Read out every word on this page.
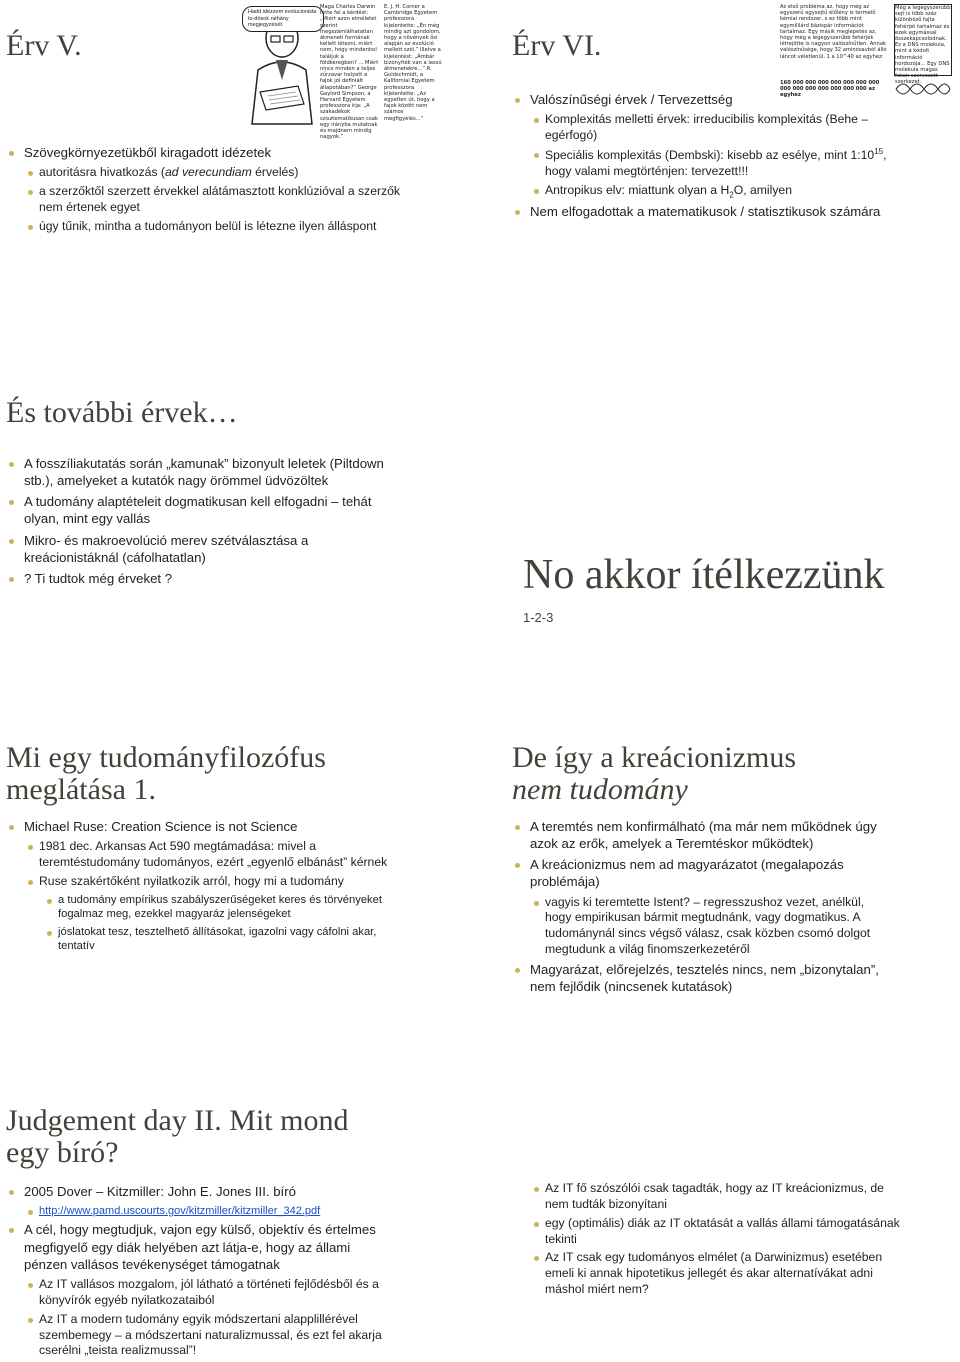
Érv V.
Hadd idézzem evolucionista tu-dósok néhány megjegyzését.
Maga Charles Darwin tette fel a kérdést: „Miért azon elméletet szerint megszámlálhatatlan átmeneti formának kellett létezni, miért nem, hogy mindenhol találjuk a földkéregben? ... Miért nincs minden a teljes zűrzavar helyett a fajok jól definiált állapotában?” George Gaylord Simpson, a Harvard Egyetem professzora írja: „A szakadékok szisztematikusan csak egy irányba mutatnak és majdnem mindig nagyok.”
E. J. H. Corner a Cambridge Egyetem professzora kijelentette: „Én még mindig azt gondolom, hogy a növények ősi alapján az evolúció mellett szól.” Illetve a kijelentést: „Ámbár bizonyíték van a lassú átmenetekre...” R. Goldschmidt, a Kaliforniai Egyetem professzora kijelentette: „Az egyetlen út, hogy a fajok között nem számos megfigyelés...”
Szövegkörnyezetükből kiragadott idézetek
autoritásra hivatkozás (ad verecundiam érvelés)
a szerzőktől szerzett érvekkel alátámasztott konklúzióval a szerzők nem értenek egyet
úgy tűnik, mintha a tudományon belül is létezne ilyen álláspont
Érv VI.
Az első probléma az, hogy még az egyszerű egysejtű élőlény is termelő kémiai rendszer, s ez több mint egymilliárd bázispár információt tartalmaz. Egy másik meglepetés az, hogy még a legegyszerűbb fehérjék létrejötte is nagyon valószínűtlen. Annak valószínűsége, hogy 32 aminosavból álló láncot véletlenül, 1 a 10^40 az egyhez:
160 000 000 000 000 000 000 000 000 000 000 000 000 000 000 az egyhez
Még a legegyszerűbb sejt is több száz különböző fajta fehérjét tartalmaz és ezek egymással összekapcsolódnak. Ez a DNS molekula, mint a kódolt információ hordozója... Egy DNS molekula magas fokon szervezett szerkezet.
Valószínűségi érvek / Tervezettség
Komplexitás melletti érvek: irreducibilis komplexitás (Behe – egérfogó)
Speciális komplexitás (Dembski): kisebb az esélye, mint $1:10^{15}$, hogy valami megtörténjen: tervezett!!!
Antropikus elv: miattunk olyan a $H_2O$, amilyen
Nem elfogadottak a matematikusok / statisztikusok számára
És további érvek…
A fosszíliakutatás során „kamunak” bizonyult leletek (Piltdown stb.), amelyeket a kutatók nagy örömmel üdvözöltek
A tudomány alaptételeit dogmatikusan kell elfogadni – tehát olyan, mint egy vallás
Mikro- és makroevolúció merev szétválasztása a kreácionistáknál (cáfolhatatlan)
? Ti tudtok még érveket ?	No akkor ítélkezzünk
1-2-3
Mi egy tudományfilozófus meglátása 1.
Michael Ruse: Creation Science is not Science
1981 dec. Arkansas Act 590 megtámadása: mivel a teremtéstudomány tudományos, ezért „egyenlő elbánást” kérnek
Ruse szakértőként nyilatkozik arról, hogy mi a tudomány
a tudomány empírikus szabályszerűségeket keres és törvényeket fogalmaz meg, ezekkel magyaráz jelenségeket
jóslatokat tesz, tesztelhető állításokat, igazolni vagy cáfolni akar, tentatív
De így a kreácionizmus
nem tudomány
A teremtés nem konfirmálható (ma már nem működnek úgy azok az erők, amelyek a Teremtéskor működtek)
A kreácionizmus nem ad magyarázatot (megalapozás problémája)
vagyis ki teremtette Istent? – regresszushoz vezet, anélkül, hogy empirikusan bármit megtudnánk, vagy dogmatikus. A tudománynál sincs végső válasz, csak közben csomó dolgot megtudunk a világ finomszerkezetéről
Magyarázat, előrejelzés, tesztelés nincs, nem „bizonytalan”, nem fejlődik (nincsenek kutatások)
Judgement day II. Mit mond egy bíró?
2005 Dover – Kitzmiller: John E. Jones III. bíró
http://www.pamd.uscourts.gov/kitzmiller/kitzmiller_342.pdf
A cél, hogy megtudjuk, vajon egy külső, objektív és értelmes megfigyelő egy diák helyében azt látja-e, hogy az állami pénzen vallásos tevékenységet támogatnak
Az IT vallásos mozgalom, jól látható a történeti fejlődésből és a könyvírók egyéb nyilatkozataiból
Az IT a modern tudomány egyik módszertani alapplillérével szembemegy – a módszertani naturalizmussal, és ezt fel akarja cserélni „teista realizmussal”!
Az IT fő szószólói csak tagadták, hogy az IT kreácionizmus, de nem tudták bizonyítani
egy (optimális) diák az IT oktatását a vallás állami támogatásának tekinti
Az IT csak egy tudományos elmélet (a Darwinizmus) esetében emeli ki annak hipotetikus jellegét és akar alternatívákat adni máshol miért nem?
